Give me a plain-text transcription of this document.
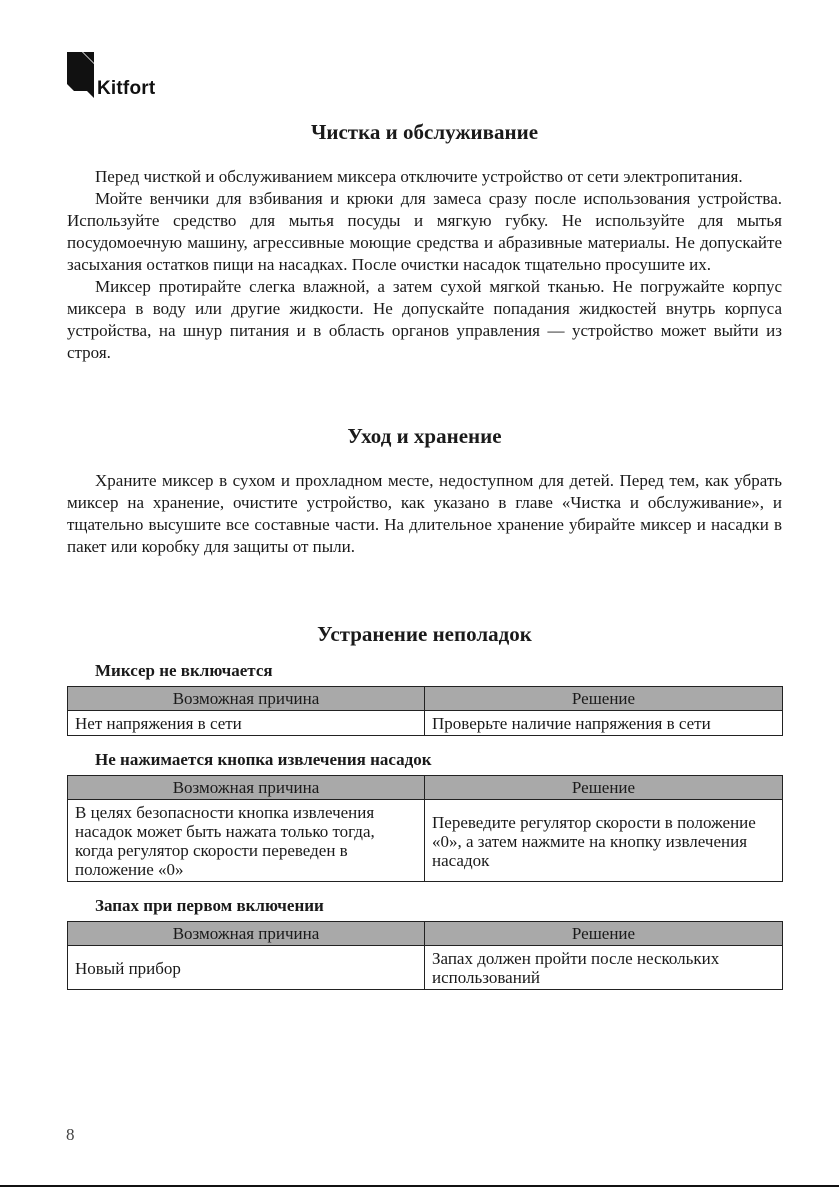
Kitfort
Чистка и обслуживание

Перед чисткой и обслуживанием миксера отключите устройство от сети электропитания.

Мойте венчики для взбивания и крюки для замеса сразу после использования устройства. Используйте средство для мытья посуды и мягкую губку. Не используйте для мытья посудомоечную машину, агрессивные моющие средства и абразивные материалы. Не допускайте засыхания остатков пищи на насадках. После очистки насадок тщательно просушите их.

Миксер протирайте слегка влажной, а затем сухой мягкой тканью. Не погружайте корпус миксера в воду или другие жидкости. Не допускайте попадания жидкостей внутрь корпуса устройства, на шнур питания и в область органов управления — устройство может выйти из строя.

Уход и хранение

Храните миксер в сухом и прохладном месте, недоступном для детей. Перед тем, как убрать миксер на хранение, очистите устройство, как указано в главе «Чистка и обслуживание», и тщательно высушите все составные части. На длительное хранение убирайте миксер и насадки в пакет или коробку для защиты от пыли.

Устранение неполадок
Миксер не включается
Возможная причина	Решение
Нет напряжения в сети	Проверьте наличие напряжения в сети
Не нажимается кнопка извлечения насадок
Возможная причина	Решение
В целях безопасности кнопка извлечения насадок может быть нажата только тогда, когда регулятор скорости переведен в положение «0»	Переведите регулятор скорости в положение «0», а затем нажмите на кнопку извлечения насадок
Запах при первом включении
Возможная причина	Решение
Новый прибор	Запах должен пройти после нескольких использований
8
